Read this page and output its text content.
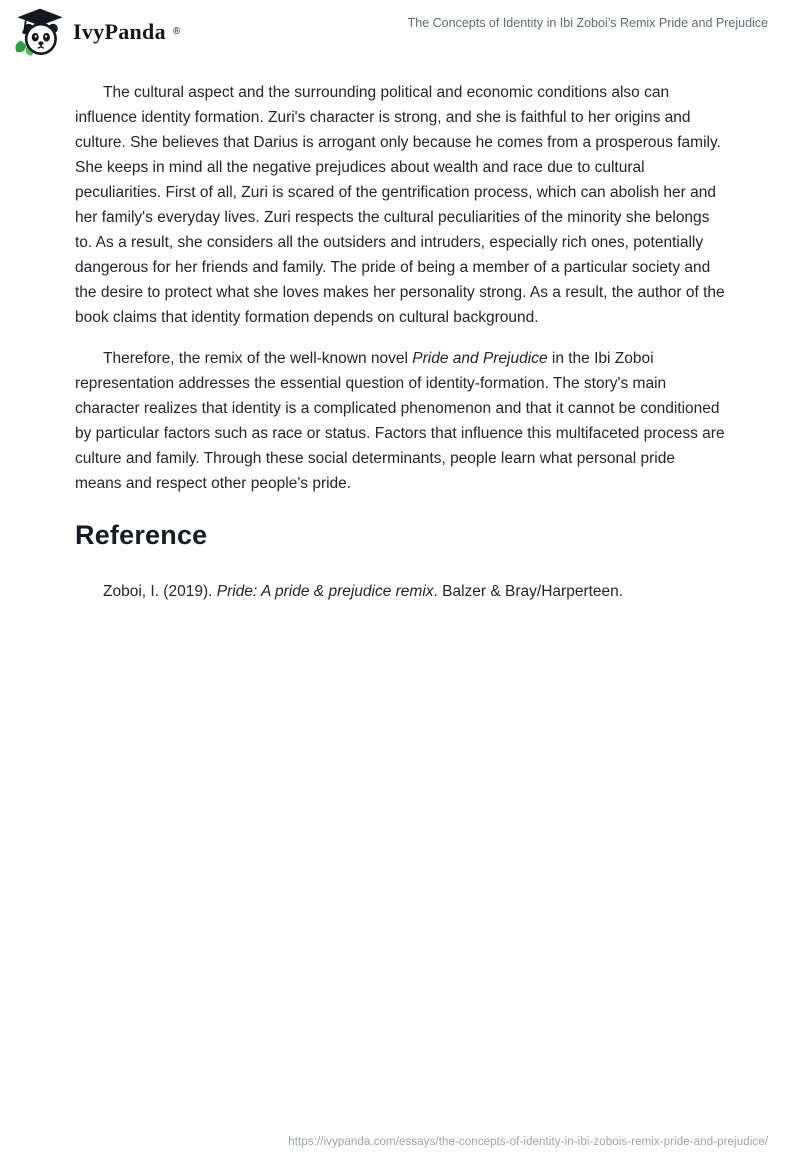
IvyPanda ®
The Concepts of Identity in Ibi Zoboi’s Remix Pride and Prejudice

The cultural aspect and the surrounding political and economic conditions also can influence identity formation. Zuri's character is strong, and she is faithful to her origins and culture. She believes that Darius is arrogant only because he comes from a prosperous family. She keeps in mind all the negative prejudices about wealth and race due to cultural peculiarities. First of all, Zuri is scared of the gentrification process, which can abolish her and her family's everyday lives. Zuri respects the cultural peculiarities of the minority she belongs to. As a result, she considers all the outsiders and intruders, especially rich ones, potentially dangerous for her friends and family. The pride of being a member of a particular society and the desire to protect what she loves makes her personality strong. As a result, the author of the book claims that identity formation depends on cultural background.

Therefore, the remix of the well-known novel Pride and Prejudice in the Ibi Zoboi representation addresses the essential question of identity-formation. The story's main character realizes that identity is a complicated phenomenon and that it cannot be conditioned by particular factors such as race or status. Factors that influence this multifaceted process are culture and family. Through these social determinants, people learn what personal pride means and respect other people's pride.

Reference

Zoboi, I. (2019). Pride: A pride & prejudice remix. Balzer & Bray/Harperteen.

https://ivypanda.com/essays/the-concepts-of-identity-in-ibi-zobois-remix-pride-and-prejudice/
